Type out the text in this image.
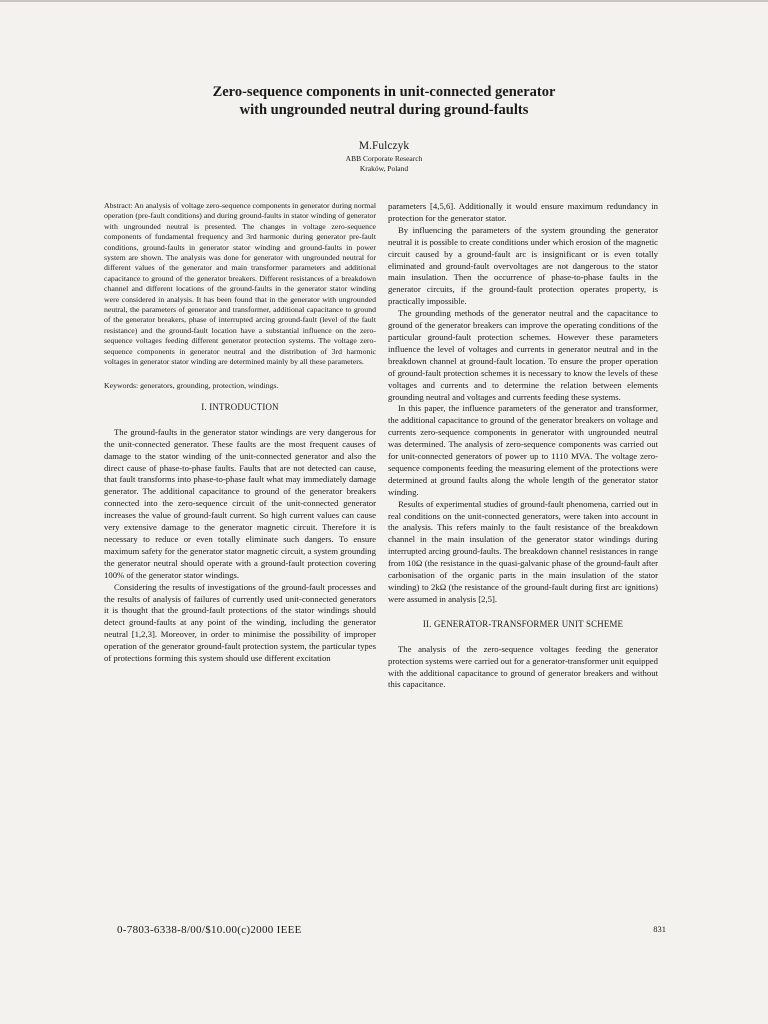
Zero-sequence components in unit-connected generator
with ungrounded neutral during ground-faults
M.Fulczyk
ABB Corporate Research
Kraków, Poland

Abstract: An analysis of voltage zero-sequence components in generator during normal operation (pre-fault conditions) and during ground-faults in stator winding of generator with ungrounded neutral is presented. The changes in voltage zero-sequence components of fundamental frequency and 3rd harmonic during generator pre-fault conditions, ground-faults in generator stator winding and ground-faults in power system are shown. The analysis was done for generator with ungrounded neutral for different values of the generator and main transformer parameters and additional capacitance to ground of the generator breakers. Different resistances of a breakdown channel and different locations of the ground-faults in the generator stator winding were considered in analysis. It has been found that in the generator with ungrounded neutral, the parameters of generator and transformer, additional capacitance to ground of the generator breakers, phase of interrupted arcing ground-fault (level of the fault resistance) and the ground-fault location have a substantial influence on the zero-sequence voltages feeding different generator protection systems. The voltage zero-sequence components in generator neutral and the distribution of 3rd harmonic voltages in generator stator winding are determined mainly by all these parameters.

Keywords: generators, grounding, protection, windings.

I. INTRODUCTION

The ground-faults in the generator stator windings are very dangerous for the unit-connected generator. These faults are the most frequent causes of damage to the stator winding of the unit-connected generator and also the direct cause of phase-to-phase faults. Faults that are not detected can cause, that fault transforms into phase-to-phase fault what may immediately damage generator. The additional capacitance to ground of the generator breakers connected into the zero-sequence circuit of the unit-connected generator increases the value of ground-fault current. So high current values can cause very extensive damage to the generator magnetic circuit. Therefore it is necessary to reduce or even totally eliminate such dangers. To ensure maximum safety for the generator stator magnetic circuit, a system grounding the generator neutral should operate with a ground-fault protection covering 100% of the generator stator windings.

Considering the results of investigations of the ground-fault processes and the results of analysis of failures of currently used unit-connected generators it is thought that the ground-fault protections of the stator windings should detect ground-faults at any point of the winding, including the generator neutral [1,2,3]. Moreover, in order to minimise the possibility of improper operation of the generator ground-fault protection system, the particular types of protections forming this system should use different excitation

parameters [4,5,6]. Additionally it would ensure maximum redundancy in protection for the generator stator.

By influencing the parameters of the system grounding the generator neutral it is possible to create conditions under which erosion of the magnetic circuit caused by a ground-fault arc is insignificant or is even totally eliminated and ground-fault overvoltages are not dangerous to the stator main insulation. Then the occurrence of phase-to-phase faults in the generator circuits, if the ground-fault protection operates property, is practically impossible.

The grounding methods of the generator neutral and the capacitance to ground of the generator breakers can improve the operating conditions of the particular ground-fault protection schemes. However these parameters influence the level of voltages and currents in generator neutral and in the breakdown channel at ground-fault location. To ensure the proper operation of ground-fault protection schemes it is necessary to know the levels of these voltages and currents and to determine the relation between elements grounding neutral and voltages and currents feeding these systems.

In this paper, the influence parameters of the generator and transformer, the additional capacitance to ground of the generator breakers on voltage and currents zero-sequence components in generator with ungrounded neutral was determined. The analysis of zero-sequence components was carried out for unit-connected generators of power up to 1110 MVA. The voltage zero-sequence components feeding the measuring element of the protections were determined at ground faults along the whole length of the generator stator winding.

Results of experimental studies of ground-fault phenomena, carried out in real conditions on the unit-connected generators, were taken into account in the analysis. This refers mainly to the fault resistance of the breakdown channel in the main insulation of the generator stator windings during interrupted arcing ground-faults. The breakdown channel resistances in range from 10Ω (the resistance in the quasi-galvanic phase of the ground-fault after carbonisation of the organic parts in the main insulation of the stator winding) to 2kΩ (the resistance of the ground-fault during first arc ignitions) were assumed in analysis [2,5].

II. GENERATOR-TRANSFORMER UNIT SCHEME

The analysis of the zero-sequence voltages feeding the generator protection systems were carried out for a generator-transformer unit equipped with the additional capacitance to ground of generator breakers and without this capacitance.

0-7803-6338-8/00/$10.00(c)2000 IEEE	831
